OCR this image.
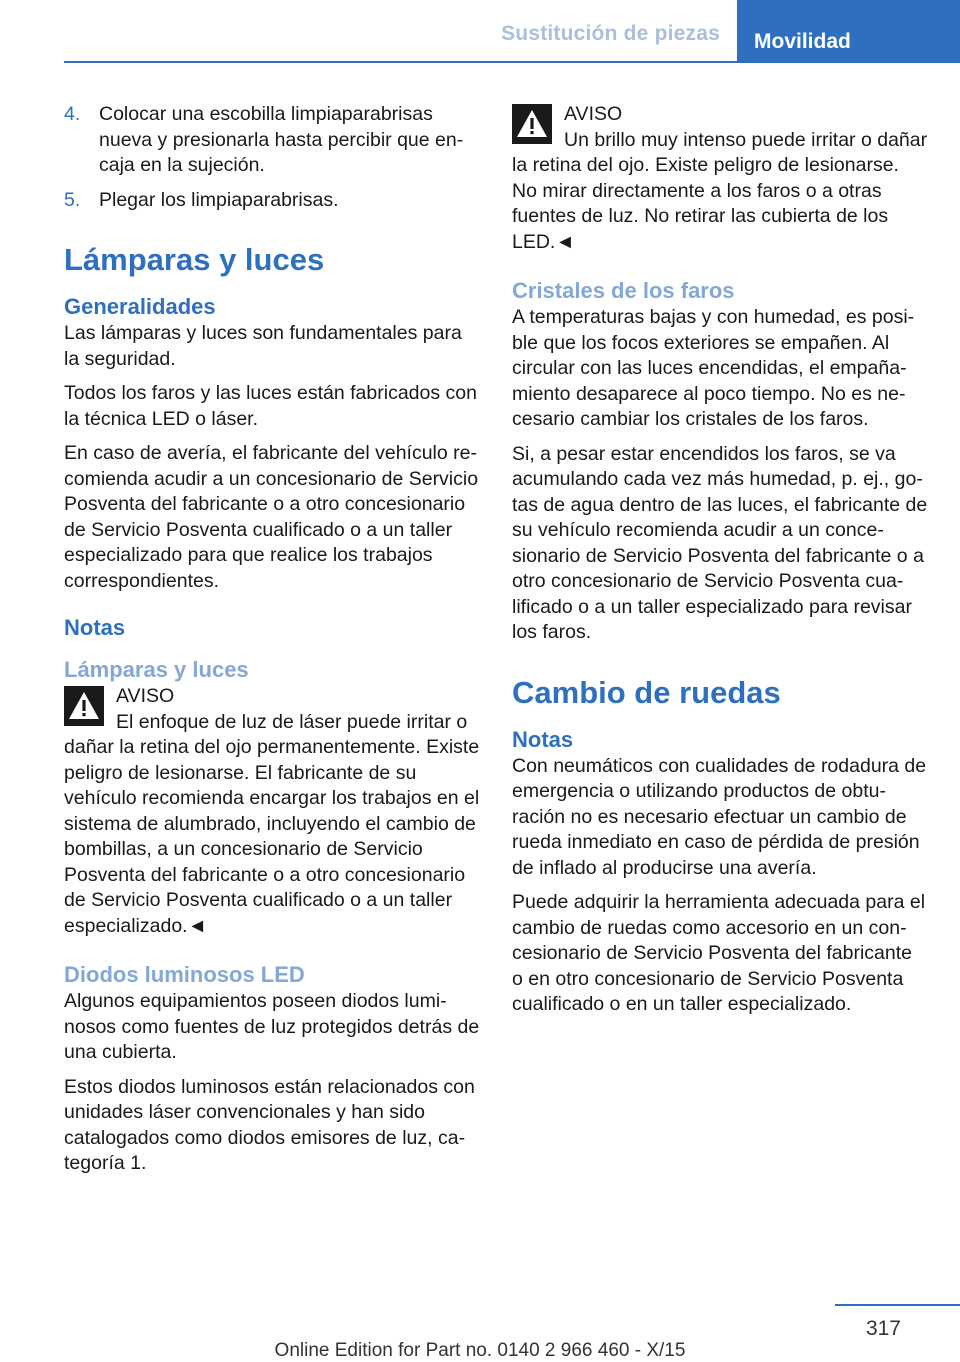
Sustitución de piezas	Movilidad
4. Colocar una escobilla limpiaparabrisas nueva y presionarla hasta percibir que encaja en la sujeción.
5. Plegar los limpiaparabrisas.
Lámparas y luces
Generalidades

Las lámparas y luces son fundamentales para la seguridad.

Todos los faros y las luces están fabricados con la técnica LED o láser.

En caso de avería, el fabricante del vehículo recomienda acudir a un concesionario de Servicio Posventa del fabricante o a otro concesionario de Servicio Posventa cualificado o a un taller especializado para que realice los trabajos correspondientes.

Notas
Lámparas y luces

AVISO

El enfoque de luz de láser puede irritar o dañar la retina del ojo permanentemente. Existe peligro de lesionarse. El fabricante de su vehículo recomienda encargar los trabajos en el sistema de alumbrado, incluyendo el cambio de bombillas, a un concesionario de Servicio Posventa del fabricante o a otro concesionario de Servicio Posventa cualificado o a un taller especializado.◄

Diodos luminosos LED

Algunos equipamientos poseen diodos luminosos como fuentes de luz protegidos detrás de una cubierta.

Estos diodos luminosos están relacionados con unidades láser convencionales y han sido catalogados como diodos emisores de luz, categoría 1.

AVISO

Un brillo muy intenso puede irritar o dañar la retina del ojo. Existe peligro de lesionarse. No mirar directamente a los faros o a otras fuentes de luz. No retirar las cubierta de los LED.◄

Cristales de los faros

A temperaturas bajas y con humedad, es posible que los focos exteriores se empañen. Al circular con las luces encendidas, el empañamiento desaparece al poco tiempo. No es necesario cambiar los cristales de los faros.

Si, a pesar estar encendidos los faros, se va acumulando cada vez más humedad, p. ej., gotas de agua dentro de las luces, el fabricante de su vehículo recomienda acudir a un concesionario de Servicio Posventa del fabricante o a otro concesionario de Servicio Posventa cualificado o a un taller especializado para revisar los faros.

Cambio de ruedas
Notas

Con neumáticos con cualidades de rodadura de emergencia o utilizando productos de obturación no es necesario efectuar un cambio de rueda inmediato en caso de pérdida de presión de inflado al producirse una avería.

Puede adquirir la herramienta adecuada para el cambio de ruedas como accesorio en un concesionario de Servicio Posventa del fabricante o en otro concesionario de Servicio Posventa cualificado o en un taller especializado.

317
Online Edition for Part no. 0140 2 966 460 - X/15
